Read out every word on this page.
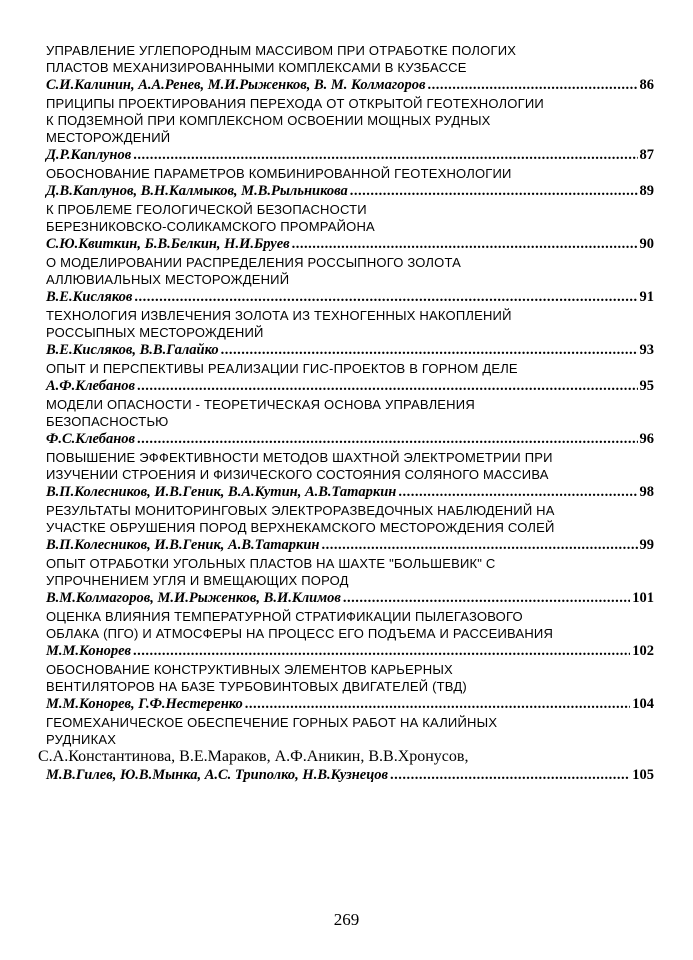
УПРАВЛЕНИЕ УГЛЕПОРОДНЫМ МАССИВОМ ПРИ ОТРАБОТКЕ ПОЛОГИХ
ПЛАСТОВ МЕХАНИЗИРОВАННЫМИ КОМПЛЕКСАМИ В КУЗБАССЕ
С.И.Калинин, А.А.Ренев, М.И.Рыженков, В. М. Колмагоров .....	86
ПРИЦИПЫ ПРОЕКТИРОВАНИЯ ПЕРЕХОДА ОТ ОТКРЫТОЙ ГЕОТЕХНОЛОГИИ
К ПОДЗЕМНОЙ ПРИ КОМПЛЕКСНОМ ОСВОЕНИИ МОЩНЫХ РУДНЫХ
МЕСТОРОЖДЕНИЙ
Д.Р.Каплунов .....	87
ОБОСНОВАНИЕ ПАРАМЕТРОВ КОМБИНИРОВАННОЙ ГЕОТЕХНОЛОГИИ
Д.В.Каплунов, В.Н.Калмыков, М.В.Рыльникова .....	89
К ПРОБЛЕМЕ ГЕОЛОГИЧЕСКОЙ БЕЗОПАСНОСТИ
БЕРЕЗНИКОВСКО-СОЛИКАМСКОГО ПРОМРАЙОНА
С.Ю.Квиткин, Б.В.Белкин, Н.И.Бруев .....	90
О МОДЕЛИРОВАНИИ РАСПРЕДЕЛЕНИЯ РОССЫПНОГО ЗОЛОТА
АЛЛЮВИАЛЬНЫХ МЕСТОРОЖДЕНИЙ
В.Е.Кисляков .....	91
ТЕХНОЛОГИЯ ИЗВЛЕЧЕНИЯ ЗОЛОТА ИЗ ТЕХНОГЕННЫХ НАКОПЛЕНИЙ
РОССЫПНЫХ МЕСТОРОЖДЕНИЙ
В.Е.Кисляков, В.В.Галайко .....	93
ОПЫТ И ПЕРСПЕКТИВЫ РЕАЛИЗАЦИИ ГИС-ПРОЕКТОВ В ГОРНОМ ДЕЛЕ
А.Ф.Клебанов .....	95
МОДЕЛИ ОПАСНОСТИ - ТЕОРЕТИЧЕСКАЯ ОСНОВА УПРАВЛЕНИЯ
БЕЗОПАСНОСТЬЮ
Ф.С.Клебанов .....	96
ПОВЫШЕНИЕ ЭФФЕКТИВНОСТИ МЕТОДОВ ШАХТНОЙ ЭЛЕКТРОМЕТРИИ ПРИ
ИЗУЧЕНИИ СТРОЕНИЯ И ФИЗИЧЕСКОГО СОСТОЯНИЯ СОЛЯНОГО МАССИВА
В.П.Колесников, И.В.Геник, В.А.Кутин, А.В.Татаркин .....	98
РЕЗУЛЬТАТЫ МОНИТОРИНГОВЫХ ЭЛЕКТРОРАЗВЕДОЧНЫХ НАБЛЮДЕНИЙ НА
УЧАСТКЕ ОБРУШЕНИЯ ПОРОД ВЕРХНЕКАМСКОГО МЕСТОРОЖДЕНИЯ СОЛЕЙ
В.П.Колесников, И.В.Геник, А.В.Татаркин .....	99
ОПЫТ ОТРАБОТКИ УГОЛЬНЫХ ПЛАСТОВ НА ШАХТЕ "БОЛЬШЕВИК" С
УПРОЧНЕНИЕМ УГЛЯ И ВМЕЩАЮЩИХ ПОРОД
В.М.Колмагоров, М.И.Рыженков, В.И.Климов .....	101
ОЦЕНКА ВЛИЯНИЯ ТЕМПЕРАТУРНОЙ СТРАТИФИКАЦИИ ПЫЛЕГАЗОВОГО
ОБЛАКА (ПГО) И АТМОСФЕРЫ НА ПРОЦЕСС ЕГО ПОДЪЕМА И РАССЕИВАНИЯ
М.М.Конорев .....	102
ОБОСНОВАНИЕ КОНСТРУКТИВНЫХ ЭЛЕМЕНТОВ КАРЬЕРНЫХ
ВЕНТИЛЯТОРОВ НА БАЗЕ ТУРБОВИНТОВЫХ ДВИГАТЕЛЕЙ (ТВД)
М.М.Конорев, Г.Ф.Нестеренко .....	104
ГЕОМЕХАНИЧЕСКОЕ ОБЕСПЕЧЕНИЕ ГОРНЫХ РАБОТ НА КАЛИЙНЫХ
РУДНИКАХ
С.А.Константинова, В.Е.Мараков, А.Ф.Аникин, В.В.Хронусов,
М.В.Гилев, Ю.В.Мынка, А.С. Триполко, Н.В.Кузнецов .....	105
269
